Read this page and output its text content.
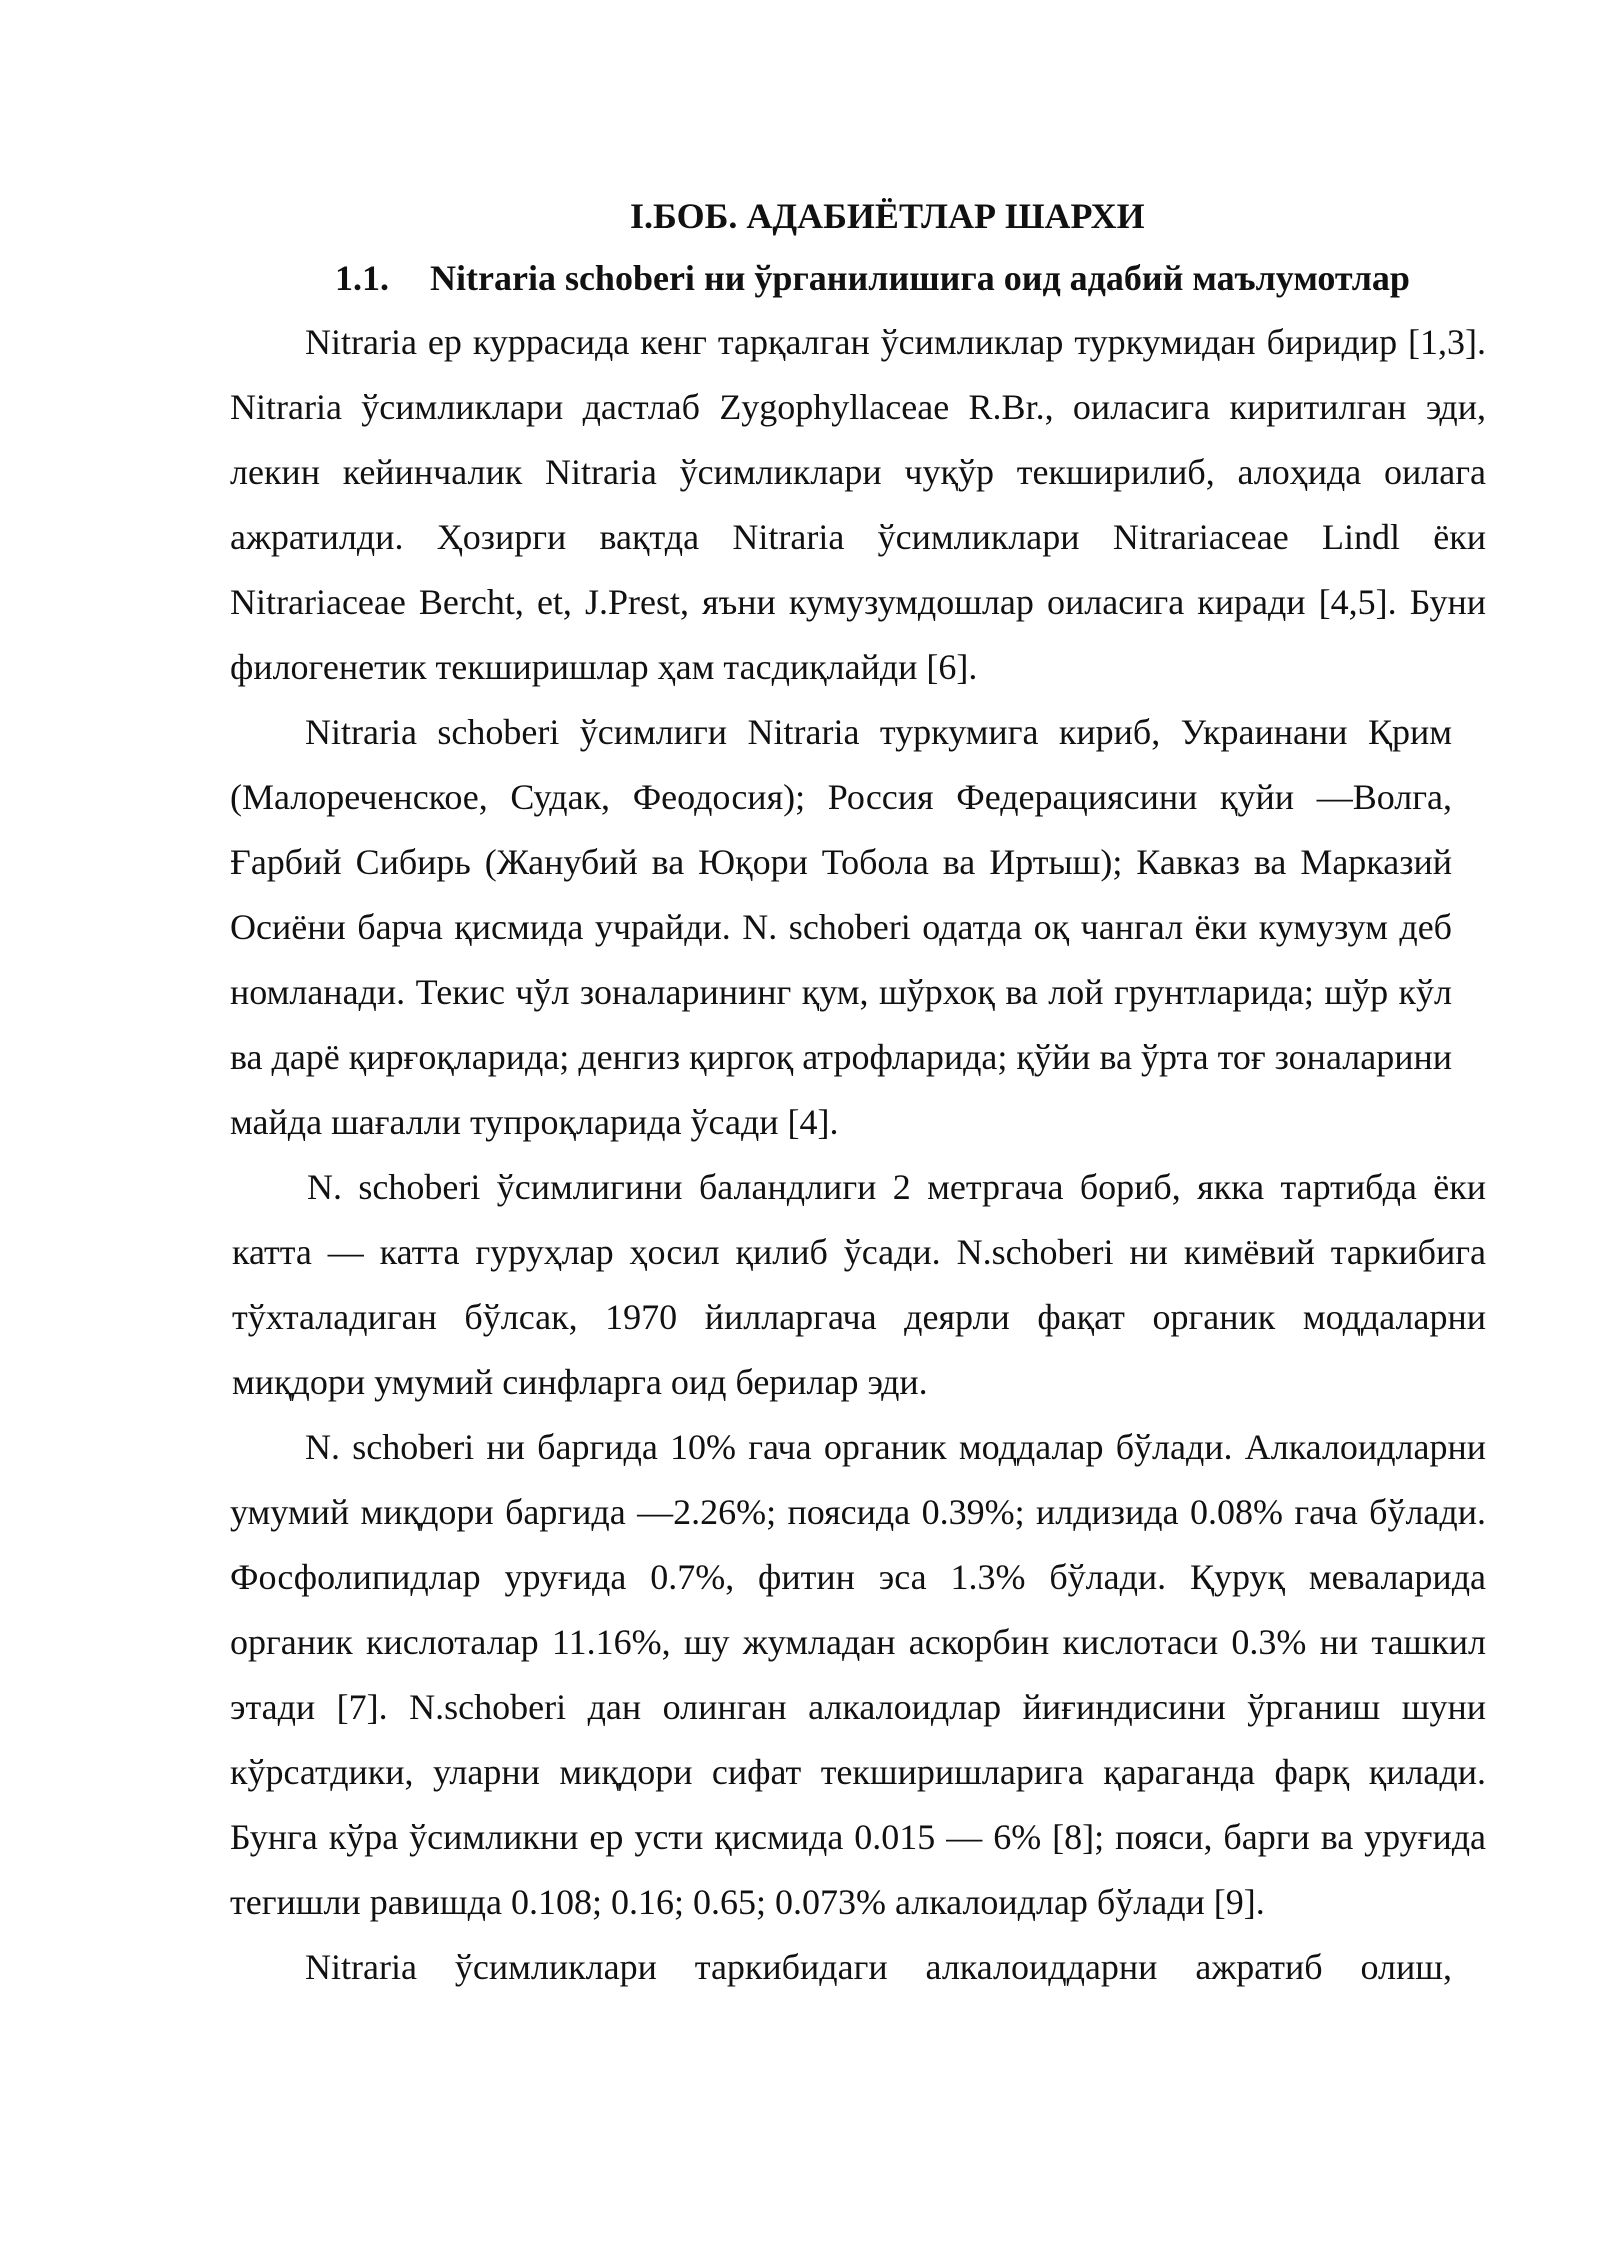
I.БОБ. АДАБИЁТЛАР ШАРХИ
1.1. Nitraria schoberi ни ўрганилишига оид адабий маълумотлар

Nitraria ер куррасида кенг тарқалган ўсимликлар туркумидан биридир [1,3]. Nitraria ўсимликлари дастлаб Zygophyllaceae R.Br., оиласига киритилган эди, лекин кейинчалик Nitraria ўсимликлари чуқўр текширилиб, алоҳида оилага ажратилди. Ҳозирги вақтда Nitraria ўсимликлари Nitrariaceae Lindl ёки Nitrariaceae Bercht, et, J.Prest, яъни кумузумдошлар оиласига киради [4,5]. Буни филогенетик текширишлар ҳам тасдиқлайди [6].

Nitraria schoberi ўсимлиги Nitraria туркумига кириб, Украинани Қрим (Малореченское, Судак, Феодосия); Россия Федерациясини қуйи —Волга, Ғарбий Сибирь (Жанубий ва Юқори Тобола ва Иртыш); Кавказ ва Марказий Осиёни барча қисмида учрайди. N. schoberi одатда оқ чангал ёки кумузум деб номланади. Текис чўл зоналарининг қум, шўрхоқ ва лой грунтларида; шўр кўл ва дарё қирғоқларида; денгиз қиргоқ атрофларида; қўйи ва ўрта тоғ зоналарини майда шағалли тупроқларида ўсади [4].

N. schoberi ўсимлигини баландлиги 2 метргача бориб, якка тартибда ёки катта — катта гуруҳлар ҳосил қилиб ўсади. N.schoberi ни кимёвий таркибига тўхталадиган бўлсак, 1970 йилларгача деярли фақат органик моддаларни миқдори умумий синфларга оид берилар эди.

N. schoberi ни баргида 10% гача органик моддалар бўлади. Алкалоидларни умумий миқдори баргида —2.26%; поясида 0.39%; илдизида 0.08% гача бўлади. Фосфолипидлар уруғида 0.7%, фитин эса 1.3% бўлади. Қуруқ меваларида органик кислоталар 11.16%, шу жумладан аскорбин кислотаси 0.3% ни ташкил этади [7]. N.schoberi дан олинган алкалоидлар йиғиндисини ўрганиш шуни кўрсатдики, уларни миқдори сифат текширишларига қараганда фарқ қилади. Бунга кўра ўсимликни ер усти қисмида 0.015 — 6% [8]; пояси, барги ва уруғида тегишли равишда 0.108; 0.16; 0.65; 0.073% алкалоидлар бўлади [9].

Nitraria ўсимликлари таркибидаги алкалоиддарни ажратиб олиш,
